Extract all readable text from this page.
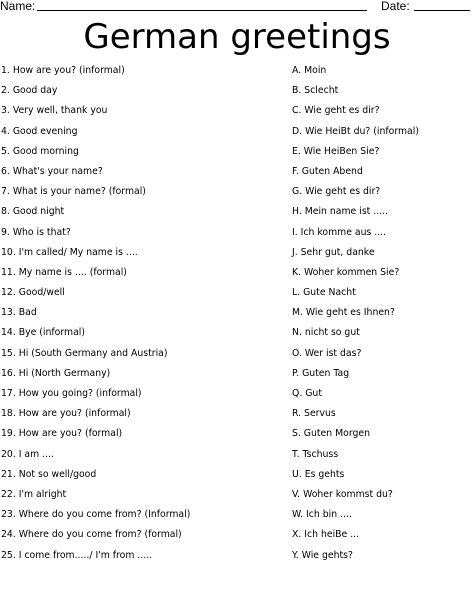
Name:	Date:
German greetings
1. How are you? (informal)
2. Good day
3. Very well, thank you
4. Good evening
5. Good morning
6. What's your name?
7. What is your name? (formal)
8. Good night
9. Who is that?
10. I'm called/ My name is ....
11. My name is .... (formal)
12. Good/well
13. Bad
14. Bye (informal)
15. Hi (South Germany and Austria)
16. Hi (North Germany)
17. How you going? (informal)
18. How are you? (informal)
19. How are you? (formal)
20. I am ....
21. Not so well/good
22. I'm alright
23. Where do you come from? (Informal)
24. Where do you come from? (formal)
25. I come from...../ I'm from .....
A. Moin
B. Sclecht
C. Wie geht es dir?
D. Wie HeiBt du? (informal)
E. Wie HeiBen Sie?
F. Guten Abend
G. Wie geht es dir?
H. Mein name ist .....
I. Ich komme aus ....
J. Sehr gut, danke
K. Woher kommen Sie?
L. Gute Nacht
M. Wie geht es Ihnen?
N. nicht so gut
O. Wer ist das?
P. Guten Tag
Q. Gut
R. Servus
S. Guten Morgen
T. Tschuss
U. Es gehts
V. Woher kommst du?
W. Ich bin ....
X. Ich heiBe ...
Y. Wie gehts?
